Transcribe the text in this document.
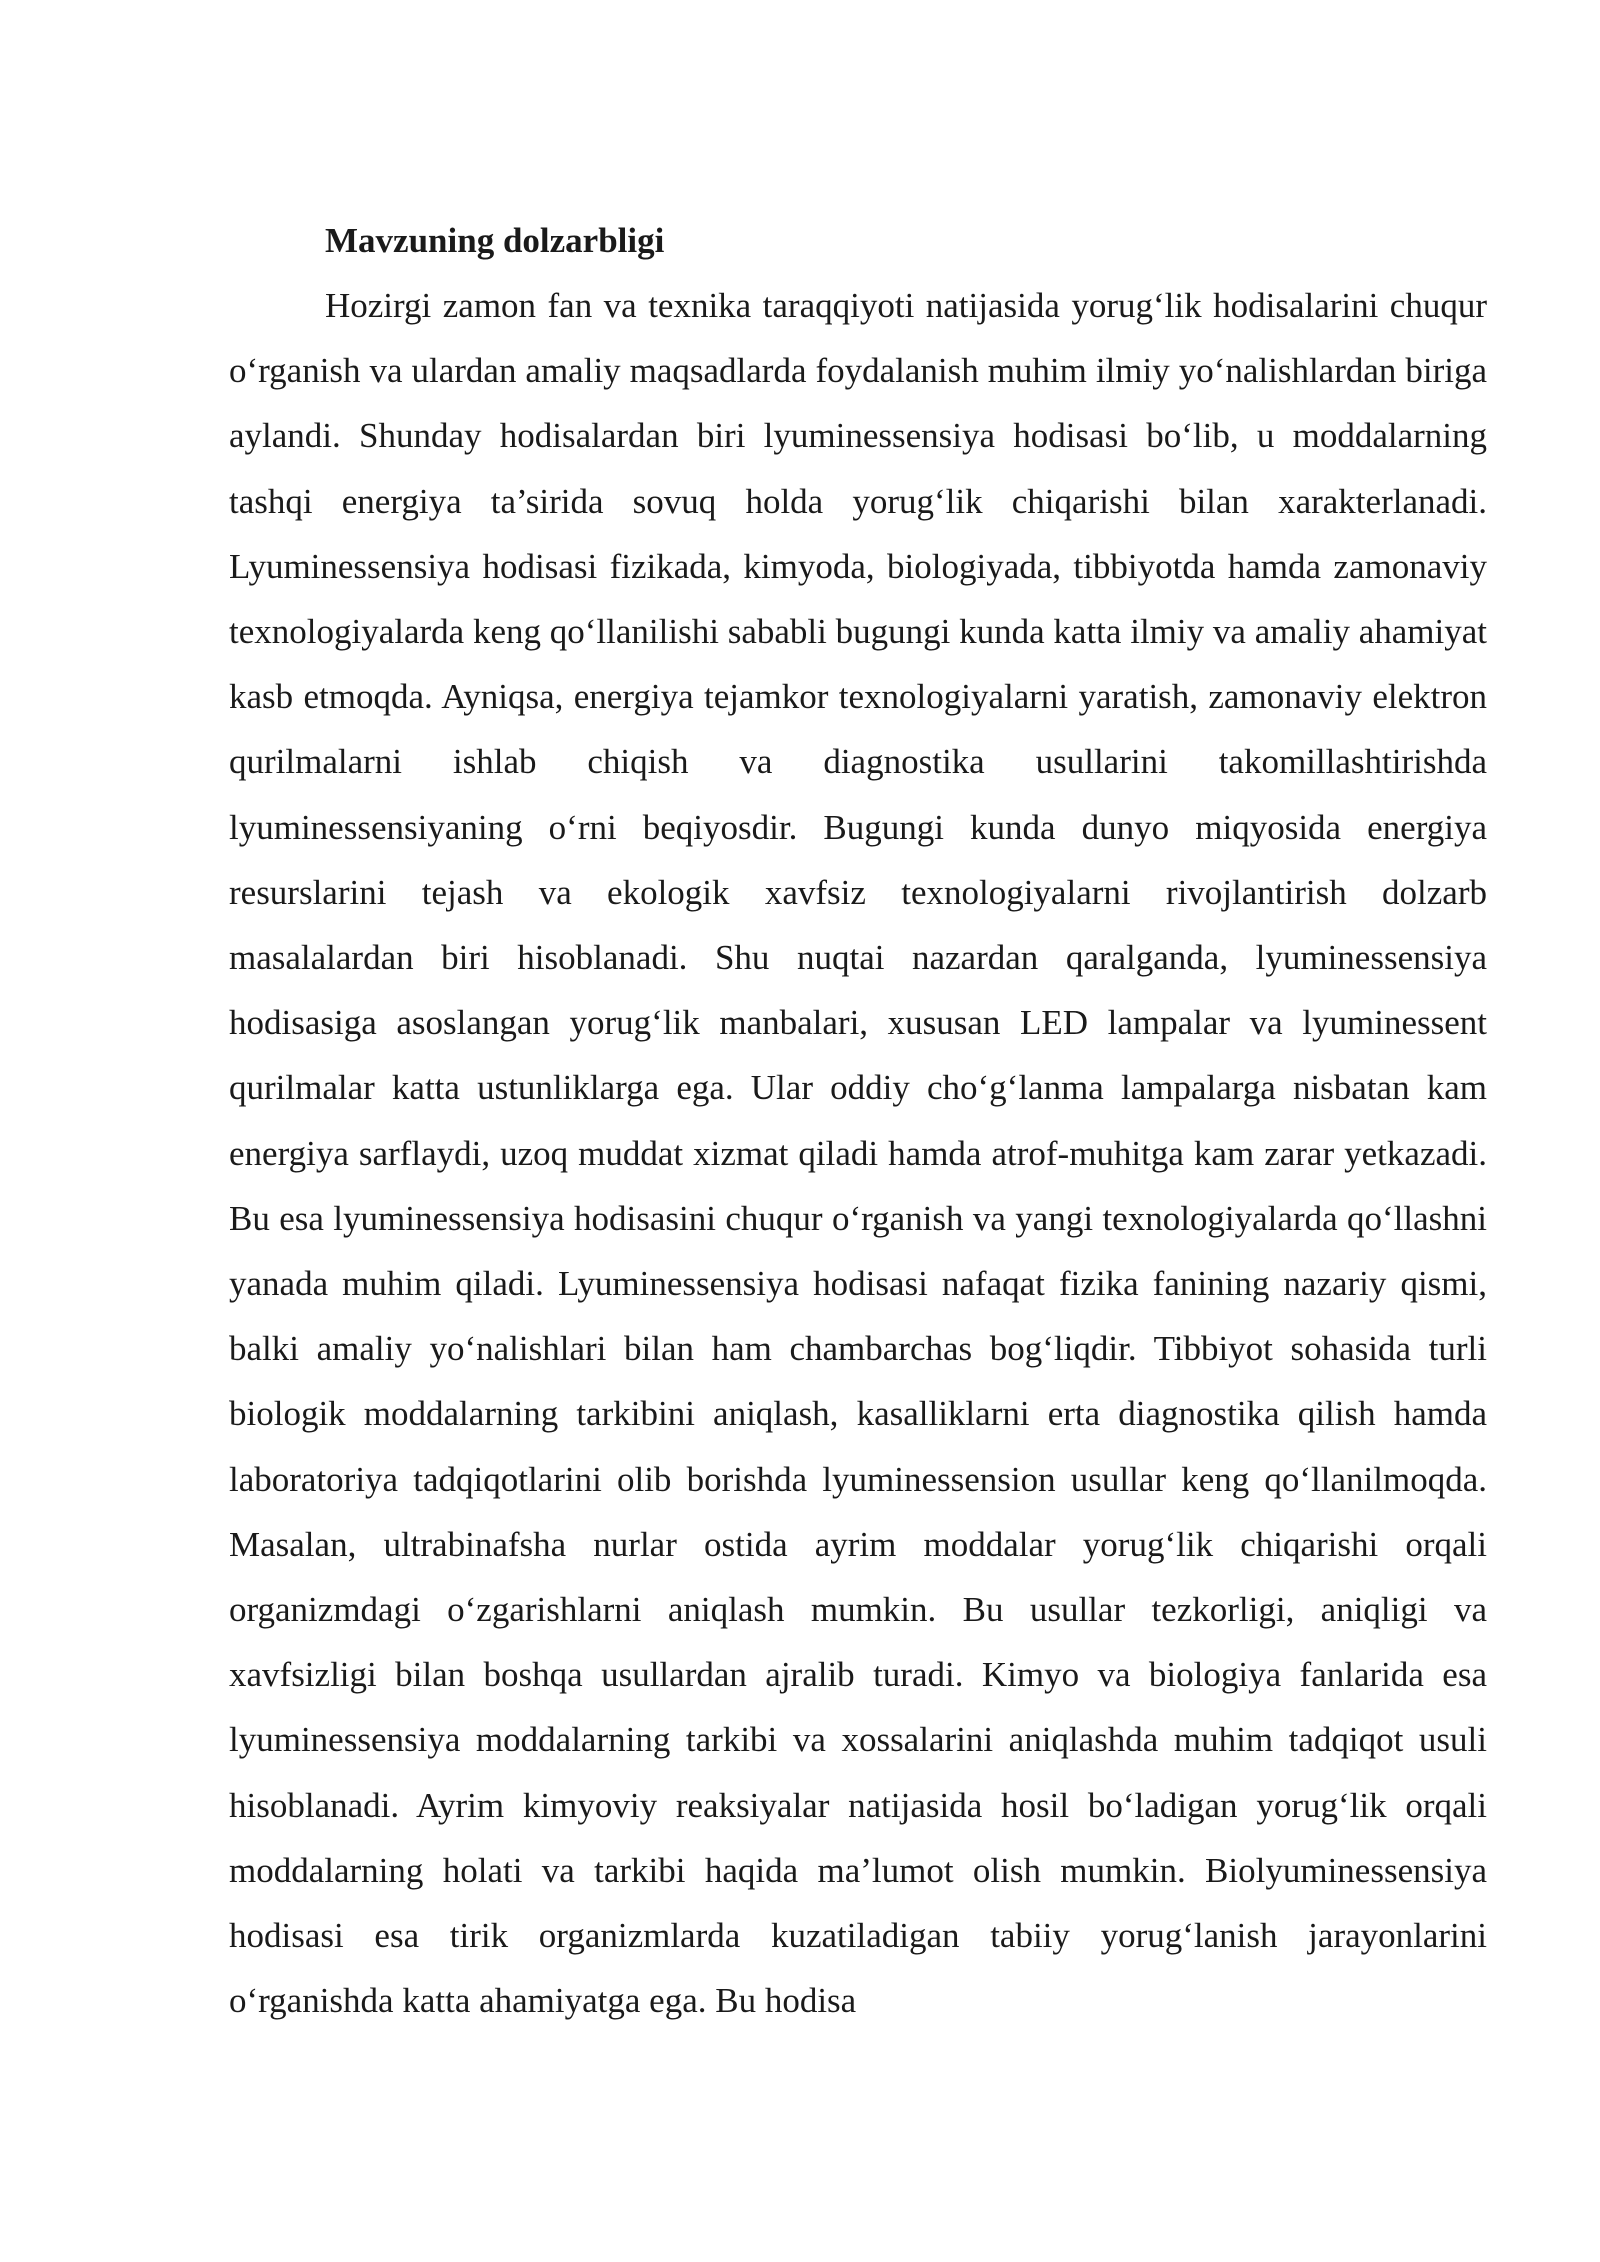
Mavzuning dolzarbligi

Hozirgi zamon fan va texnika taraqqiyoti natijasida yorug‘lik hodisalarini chuqur o‘rganish va ulardan amaliy maqsadlarda foydalanish muhim ilmiy yo‘nalishlardan biriga aylandi. Shunday hodisalardan biri lyuminessensiya hodisasi bo‘lib, u moddalarning tashqi energiya ta’sirida sovuq holda yorug‘lik chiqarishi bilan xarakterlanadi. Lyuminessensiya hodisasi fizikada, kimyoda, biologiyada, tibbiyotda hamda zamonaviy texnologiyalarda keng qo‘llanilishi sababli bugungi kunda katta ilmiy va amaliy ahamiyat kasb etmoqda. Ayniqsa, energiya tejamkor texnologiyalarni yaratish, zamonaviy elektron qurilmalarni ishlab chiqish va diagnostika usullarini takomillashtirishda lyuminessensiyaning o‘rni beqiyosdir. Bugungi kunda dunyo miqyosida energiya resurslarini tejash va ekologik xavfsiz texnologiyalarni rivojlantirish dolzarb masalalardan biri hisoblanadi. Shu nuqtai nazardan qaralganda, lyuminessensiya hodisasiga asoslangan yorug‘lik manbalari, xususan LED lampalar va lyuminessent qurilmalar katta ustunliklarga ega. Ular oddiy cho‘g‘lanma lampalarga nisbatan kam energiya sarflaydi, uzoq muddat xizmat qiladi hamda atrof-muhitga kam zarar yetkazadi. Bu esa lyuminessensiya hodisasini chuqur o‘rganish va yangi texnologiyalarda qo‘llashni yanada muhim qiladi. Lyuminessensiya hodisasi nafaqat fizika fanining nazariy qismi, balki amaliy yo‘nalishlari bilan ham chambarchas bog‘liqdir. Tibbiyot sohasida turli biologik moddalarning tarkibini aniqlash, kasalliklarni erta diagnostika qilish hamda laboratoriya tadqiqotlarini olib borishda lyuminessension usullar keng qo‘llanilmoqda. Masalan, ultrabinafsha nurlar ostida ayrim moddalar yorug‘lik chiqarishi orqali organizmdagi o‘zgarishlarni aniqlash mumkin. Bu usullar tezkorligi, aniqligi va xavfsizligi bilan boshqa usullardan ajralib turadi. Kimyo va biologiya fanlarida esa lyuminessensiya moddalarning tarkibi va xossalarini aniqlashda muhim tadqiqot usuli hisoblanadi. Ayrim kimyoviy reaksiyalar natijasida hosil bo‘ladigan yorug‘lik orqali moddalarning holati va tarkibi haqida ma’lumot olish mumkin. Biolyuminessensiya hodisasi esa tirik organizmlarda kuzatiladigan tabiiy yorug‘lanish jarayonlarini o‘rganishda katta ahamiyatga ega. Bu hodisa
